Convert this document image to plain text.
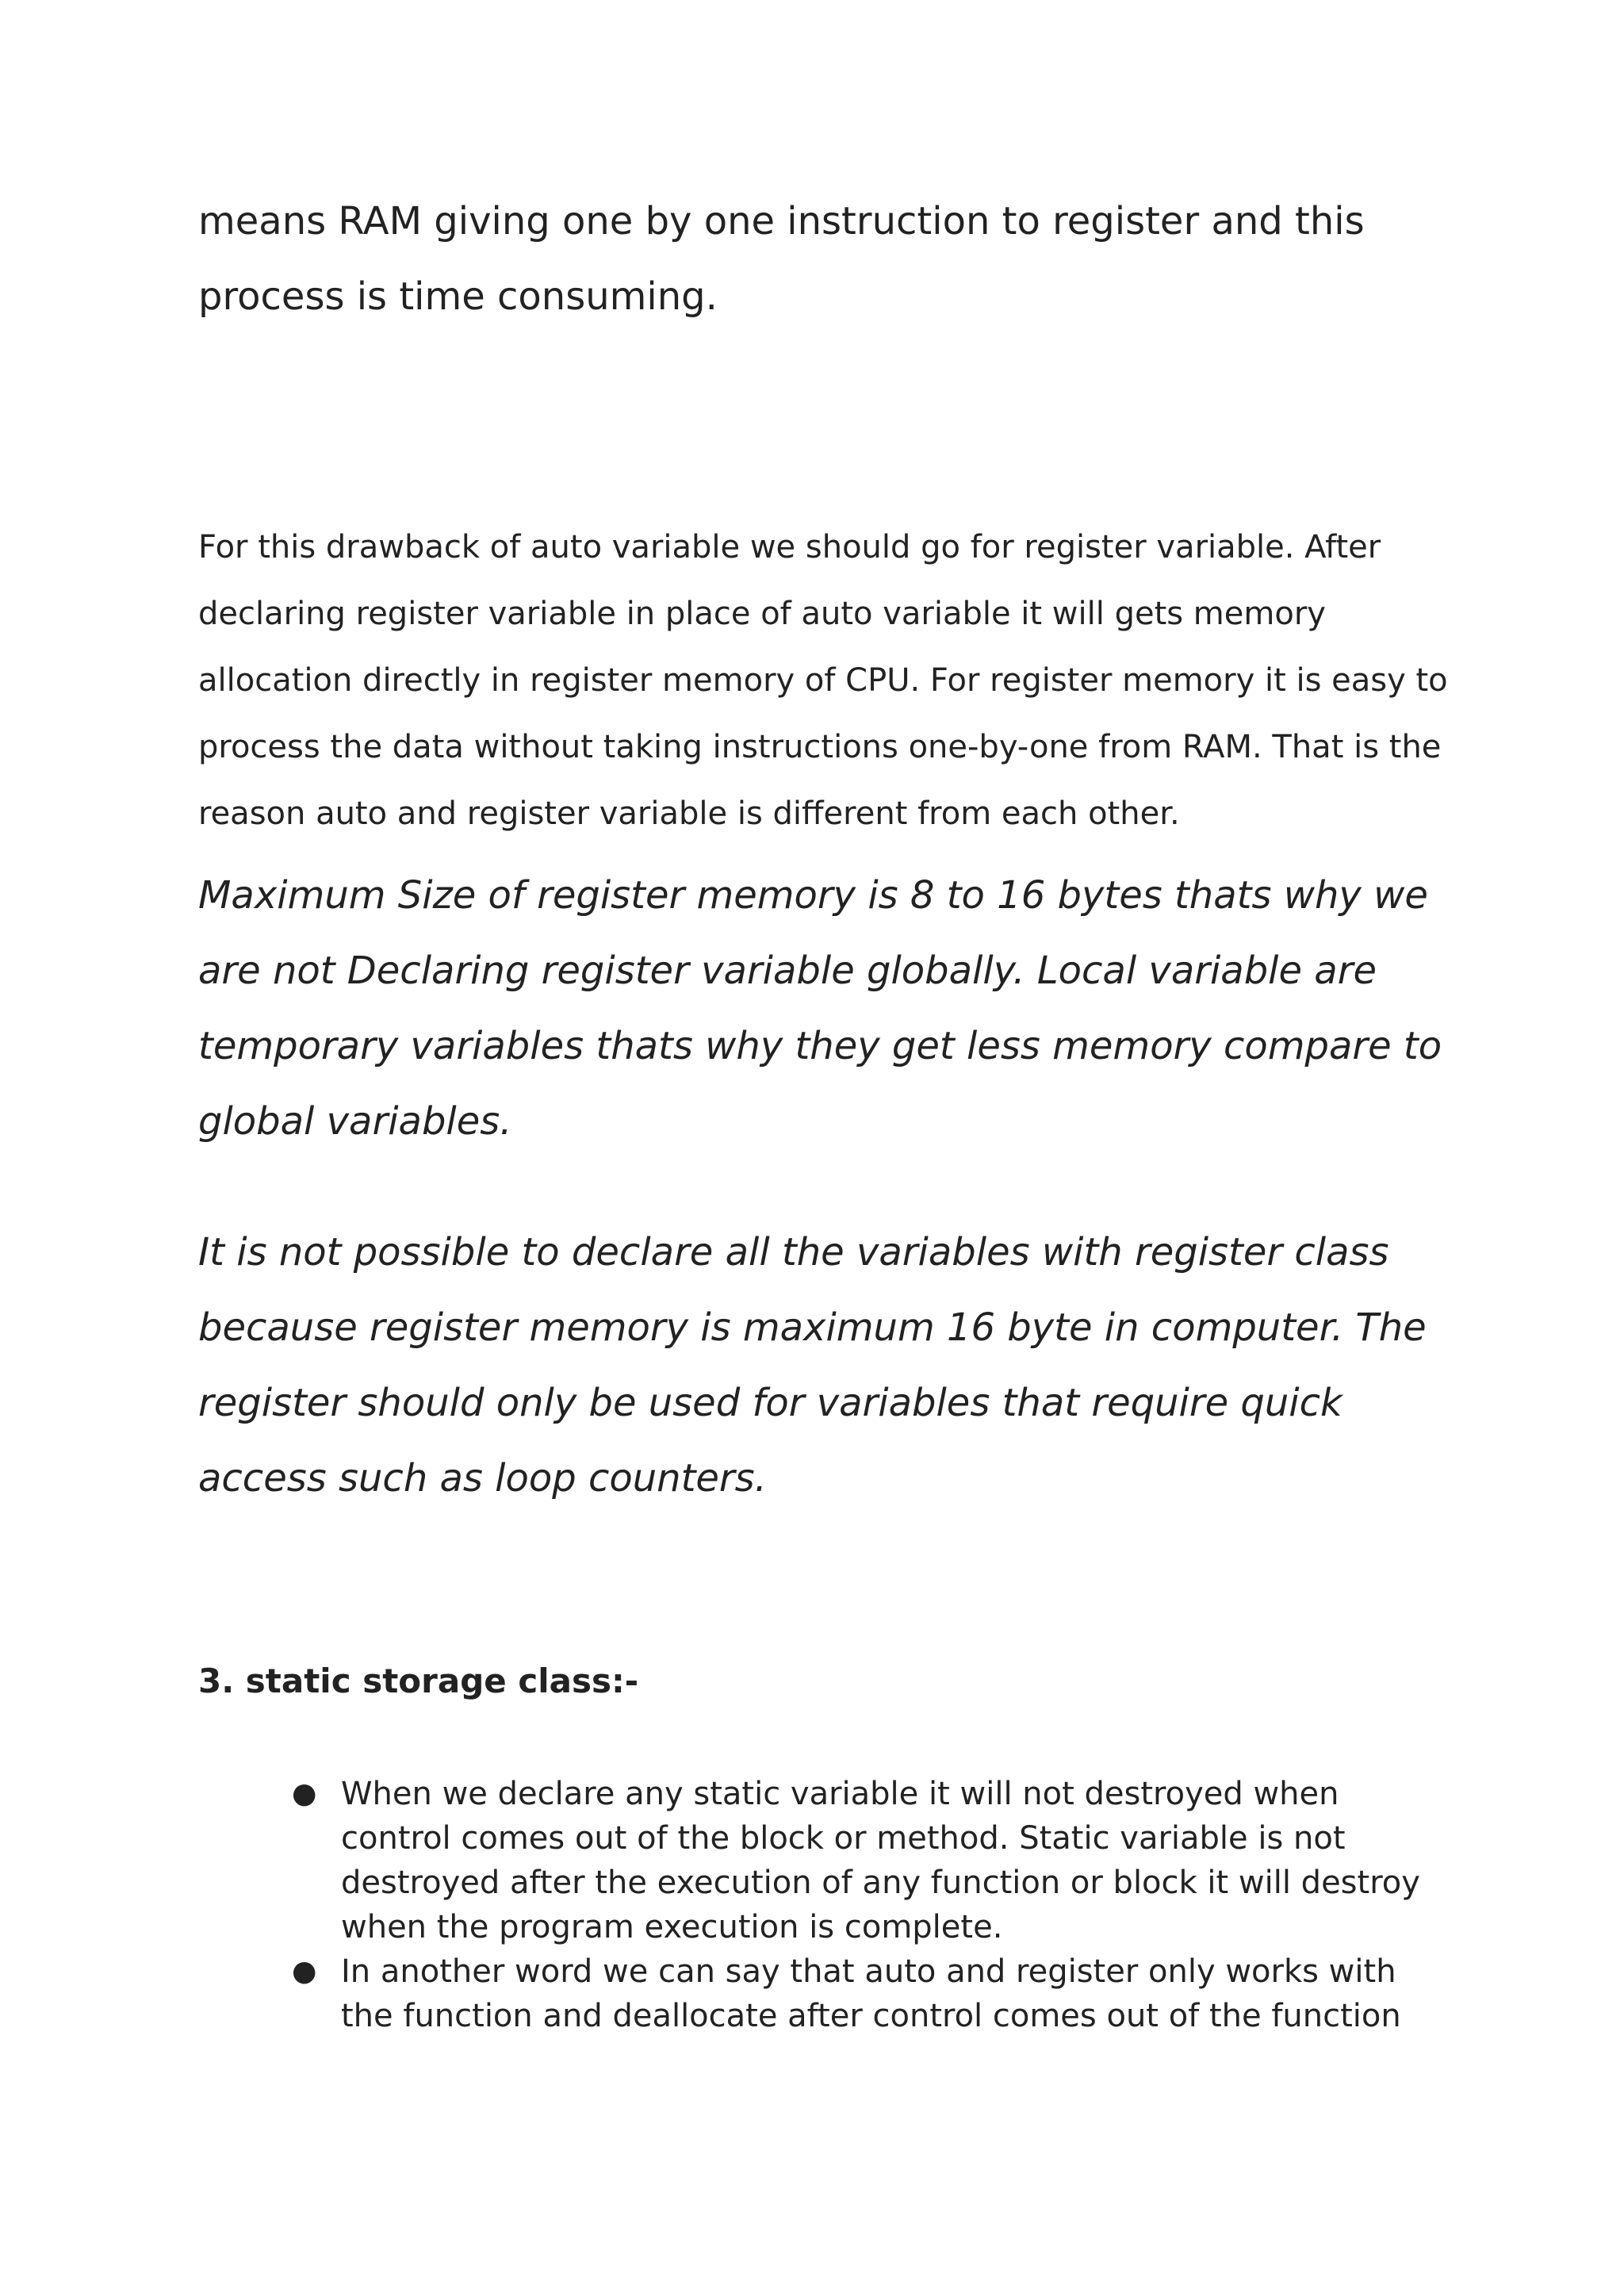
means RAM giving one by one instruction to register and this process is time consuming.

For this drawback of auto variable we should go for register variable. After declaring register variable in place of auto variable it will gets memory allocation directly in register memory of CPU. For register memory it is easy to process the data without taking instructions one-by-one from RAM. That is the reason auto and register variable is different from each other.

Maximum Size of register memory is 8 to 16 bytes thats why we are not Declaring register variable globally. Local variable are temporary variables thats why they get less memory compare to global variables.

It is not possible to declare all the variables with register class because register memory is maximum 16 byte in computer. The register should only be used for variables that require quick access such as loop counters.

3. static storage class:-
● When we declare any static variable it will not destroyed when control comes out of the block or method. Static variable is not destroyed after the execution of any function or block it will destroy when the program execution is complete.
● In another word we can say that auto and register only works with the function and deallocate after control comes out of the function
